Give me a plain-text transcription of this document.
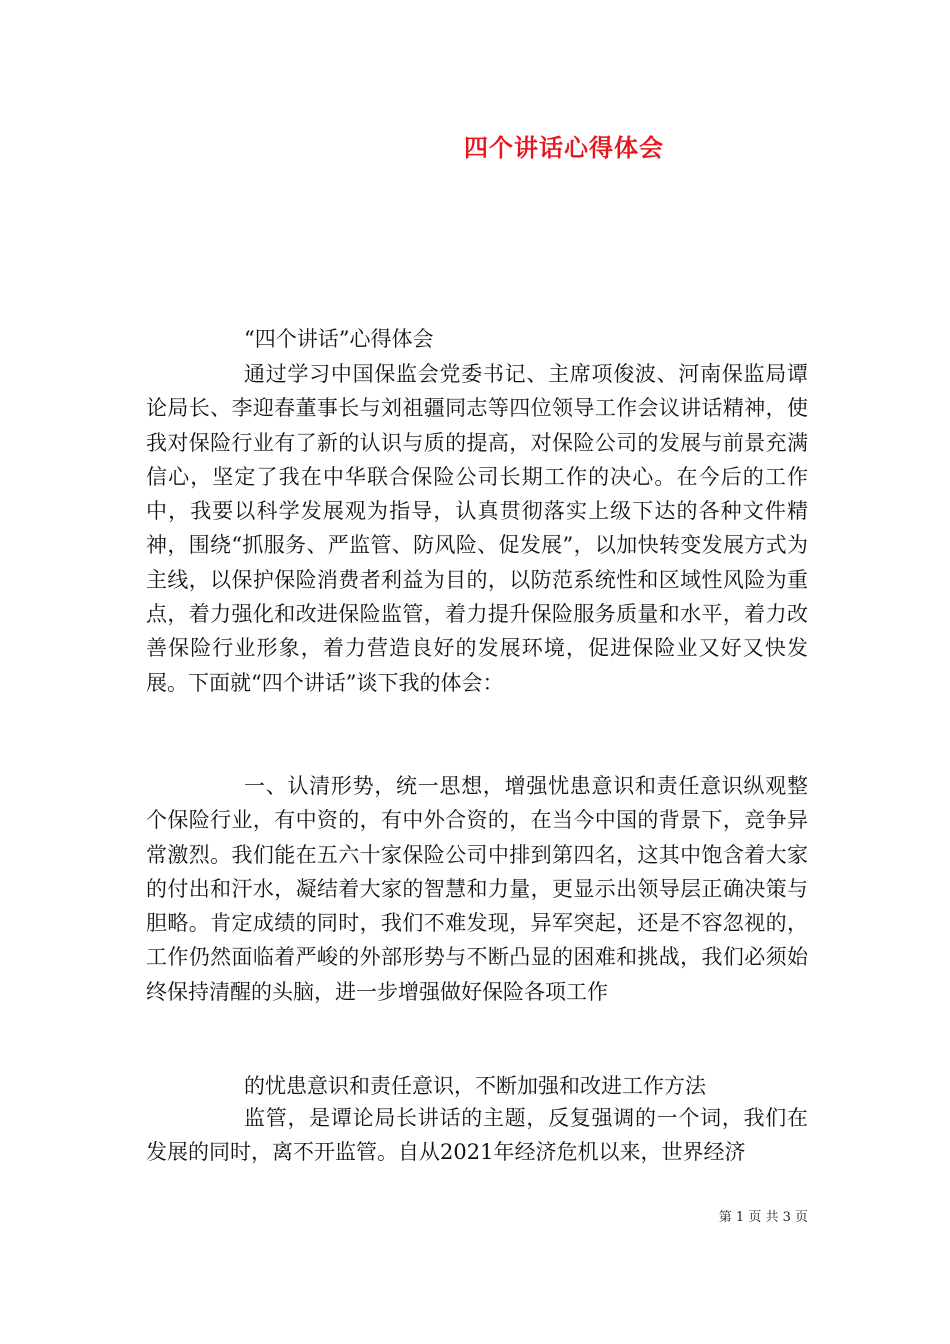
四个讲话心得体会
“四个讲话”心得体会
通过学习中国保监会党委书记、主席项俊波、河南保监局谭论局长、李迎春董事长与刘祖疆同志等四位领导工作会议讲话精神，使我对保险行业有了新的认识与质的提高，对保险公司的发展与前景充满信心，坚定了我在中华联合保险公司长期工作的决心。在今后的工作中，我要以科学发展观为指导，认真贯彻落实上级下达的各种文件精神，围绕“抓服务、严监管、防风险、促发展”，以加快转变发展方式为主线，以保护保险消费者利益为目的，以防范系统性和区域性风险为重点，着力强化和改进保险监管，着力提升保险服务质量和水平，着力改善保险行业形象，着力营造良好的发展环境，促进保险业又好又快发展。下面就“四个讲话”谈下我的体会：
一、认清形势，统一思想，增强忧患意识和责任意识纵观整个保险行业，有中资的，有中外合资的，在当今中国的背景下，竞争异常激烈。我们能在五六十家保险公司中排到第四名，这其中饱含着大家的付出和汗水，凝结着大家的智慧和力量，更显示出领导层正确决策与胆略。肯定成绩的同时，我们不难发现，异军突起，还是不容忽视的，工作仍然面临着严峻的外部形势与不断凸显的困难和挑战，我们必须始终保持清醒的头脑，进一步增强做好保险各项工作
的忧患意识和责任意识，不断加强和改进工作方法
监管，是谭论局长讲话的主题，反复强调的一个词，我们在发展的同时，离不开监管。自从2021年经济危机以来，世界经济
第 1 页 共 3 页
